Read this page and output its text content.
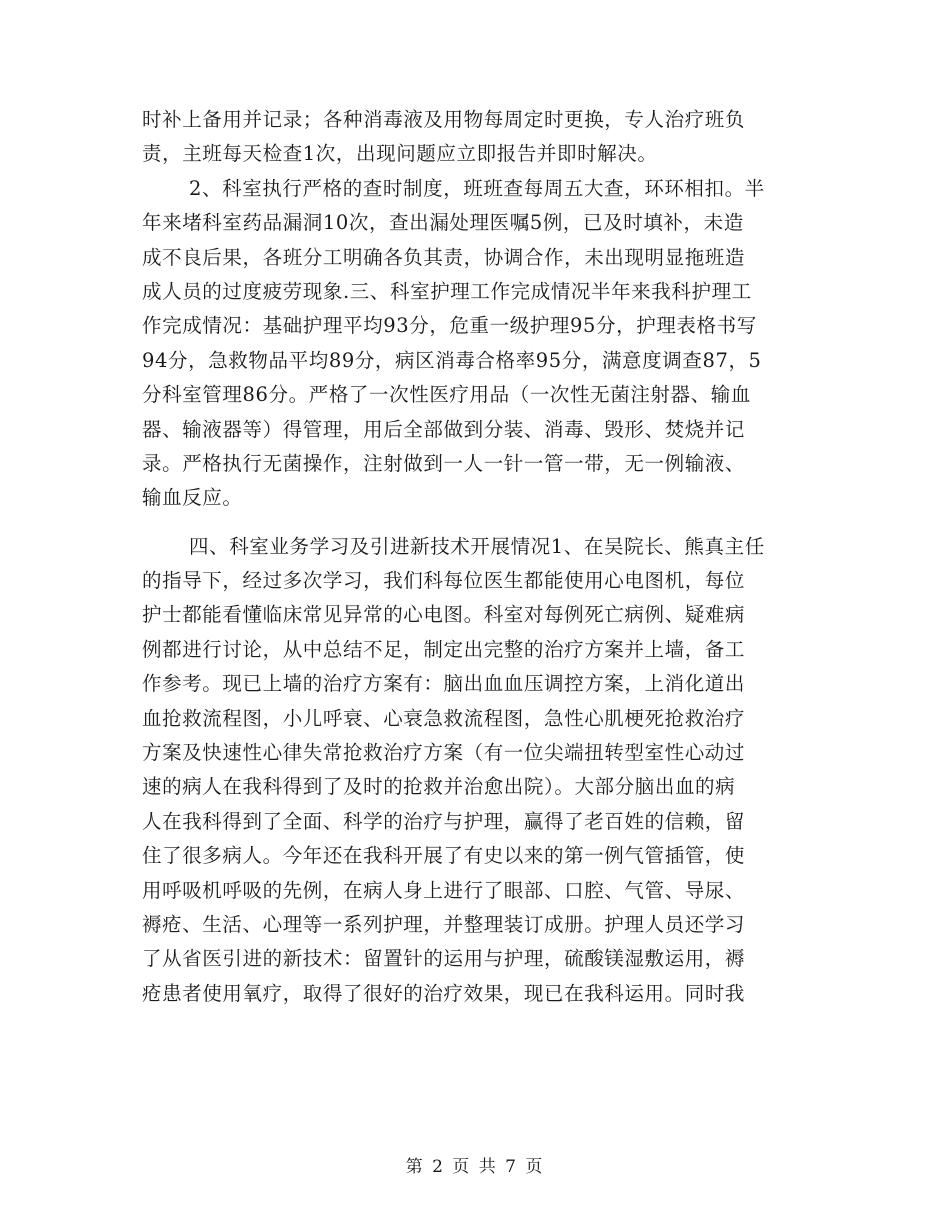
时补上备用并记录；各种消毒液及用物每周定时更换，专人治疗班负
责，主班每天检查1次，出现问题应立即报告并即时解决。
2、科室执行严格的查时制度，班班查每周五大查，环环相扣。半
年来堵科室药品漏洞10次，查出漏处理医嘱5例，已及时填补，未造
成不良后果，各班分工明确各负其责，协调合作，未出现明显拖班造
成人员的过度疲劳现象.三、科室护理工作完成情况半年来我科护理工
作完成情况：基础护理平均93分，危重一级护理95分，护理表格书写
94分，急救物品平均89分，病区消毒合格率95分，满意度调查87，5
分科室管理86分。严格了一次性医疗用品（一次性无菌注射器、输血
器、输液器等）得管理，用后全部做到分装、消毒、毁形、焚烧并记
录。严格执行无菌操作，注射做到一人一针一管一带，无一例输液、
输血反应。
四、科室业务学习及引进新技术开展情况1、在吴院长、熊真主任
的指导下，经过多次学习，我们科每位医生都能使用心电图机，每位
护士都能看懂临床常见异常的心电图。科室对每例死亡病例、疑难病
例都进行讨论，从中总结不足，制定出完整的治疗方案并上墙，备工
作参考。现已上墙的治疗方案有：脑出血血压调控方案，上消化道出
血抢救流程图，小儿呼衰、心衰急救流程图，急性心肌梗死抢救治疗
方案及快速性心律失常抢救治疗方案（有一位尖端扭转型室性心动过
速的病人在我科得到了及时的抢救并治愈出院）。大部分脑出血的病
人在我科得到了全面、科学的治疗与护理，赢得了老百姓的信赖，留
住了很多病人。今年还在我科开展了有史以来的第一例气管插管，使
用呼吸机呼吸的先例，在病人身上进行了眼部、口腔、气管、导尿、
褥疮、生活、心理等一系列护理，并整理装订成册。护理人员还学习
了从省医引进的新技术：留置针的运用与护理，硫酸镁湿敷运用，褥
疮患者使用氧疗，取得了很好的治疗效果，现已在我科运用。同时我
第 2 页 共 7 页
